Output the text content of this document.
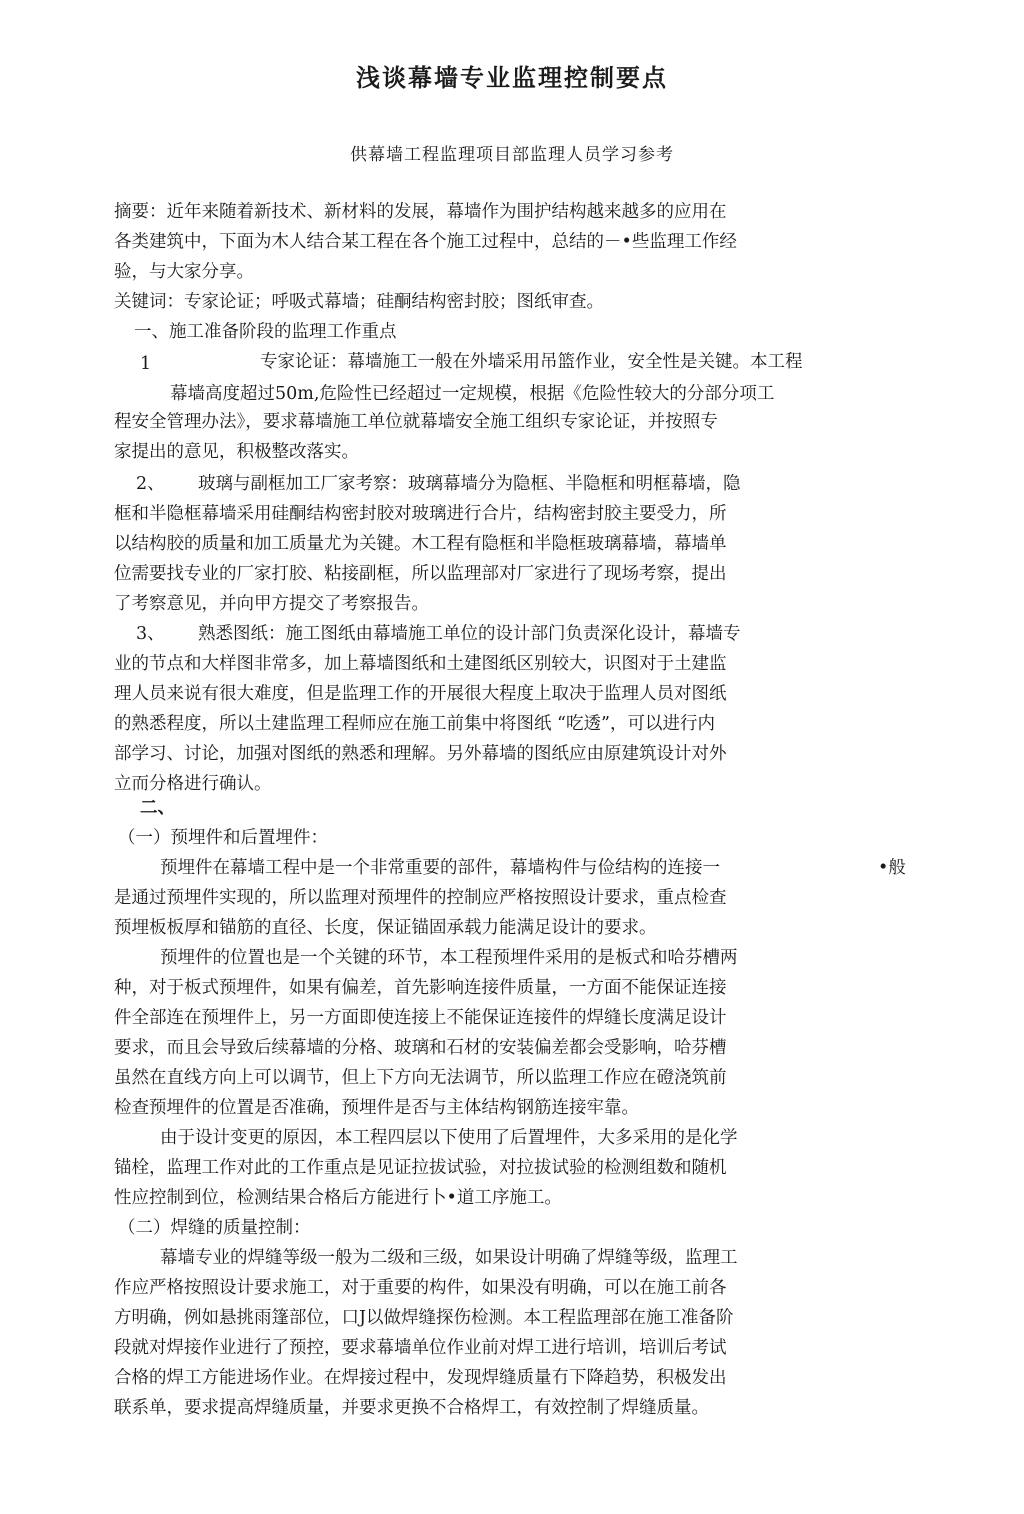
浅谈幕墙专业监理控制要点
供幕墙工程监理项目部监理人员学习参考
摘要：近年来随着新技术、新材料的发展，幕墙作为围护结构越来越多的应用在
各类建筑中，下面为木人结合某工程在各个施工过程中，总结的－•些监理工作经
验，与大家分享。
关键词：专家论证；呼吸式幕墙；硅酮结构密封胶；图纸审查。
一、施工准备阶段的监理工作重点
1	专家论证：幕墙施工一般在外墙采用吊篮作业，安全性是关键。本工程
幕墙高度超过50m,危险性已经超过一定规模，根据《危险性较大的分部分项工
程安全管理办法》，要求幕墙施工单位就幕墙安全施工组织专家论证，并按照专
家提出的意见，积极整改落实。
2、 玻璃与副框加工厂家考察：玻璃幕墙分为隐框、半隐框和明框幕墙，隐
框和半隐框幕墙采用硅酮结构密封胶对玻璃进行合片，结构密封胶主要受力，所
以结构胶的质量和加工质量尤为关键。木工程有隐框和半隐框玻璃幕墙，幕墙单
位需要找专业的厂家打胶、粘接副框，所以监理部对厂家进行了现场考察，提出
了考察意见，并向甲方提交了考察报告。
3、 熟悉图纸：施工图纸由幕墙施工单位的设计部门负责深化设计，幕墙专
业的节点和大样图非常多，加上幕墙图纸和土建图纸区别较大，识图对于土建监
理人员来说有很大难度，但是监理工作的开展很大程度上取决于监理人员对图纸
的熟悉程度，所以土建监理工程师应在施工前集中将图纸 “吃透”，可以进行内
部学习、讨论，加强对图纸的熟悉和理解。另外幕墙的图纸应由原建筑设计对外
立而分格进行确认。
二、
（一）预埋件和后置埋件：
预埋件在幕墙工程中是一个非常重要的部件，幕墙构件与俭结构的连接一	•般
是通过预埋件实现的，所以监理对预埋件的控制应严格按照设计要求，重点检查
预埋板板厚和锚筋的直径、长度，保证锚固承载力能满足设计的要求。
预埋件的位置也是一个关键的环节，本工程预埋件采用的是板式和哈芬槽两
种，对于板式预埋件，如果有偏差，首先影响连接件质量，一方面不能保证连接
件全部连在预埋件上，另一方面即使连接上不能保证连接件的焊缝长度满足设计
要求，而且会导致后续幕墙的分格、玻璃和石材的安装偏差都会受影响，哈芬槽
虽然在直线方向上可以调节，但上下方向无法调节，所以监理工作应在磴浇筑前
检查预埋件的位置是否准确，预埋件是否与主体结构钢筋连接牢靠。
由于设计变更的原因，本工程四层以下使用了后置埋件，大多采用的是化学
锚栓，监理工作对此的工作重点是见证拉拔试验，对拉拔试验的检测组数和随机
性应控制到位，检测结果合格后方能进行卜•道工序施工。
（二）焊缝的质量控制：
幕墙专业的焊缝等级一般为二级和三级，如果设计明确了焊缝等级，监理工
作应严格按照设计要求施工，对于重要的构件，如果没有明确，可以在施工前各
方明确，例如悬挑雨篷部位，口J以做焊缝探伤检测。本工程监理部在施工准备阶
段就对焊接作业进行了预控，要求幕墙单位作业前对焊工进行培训，培训后考试
合格的焊工方能进场作业。在焊接过程中，发现焊缝质量冇下降趋势，积极发出
联系单，要求提高焊缝质量，并要求更换不合格焊工，有效控制了焊缝质量。
